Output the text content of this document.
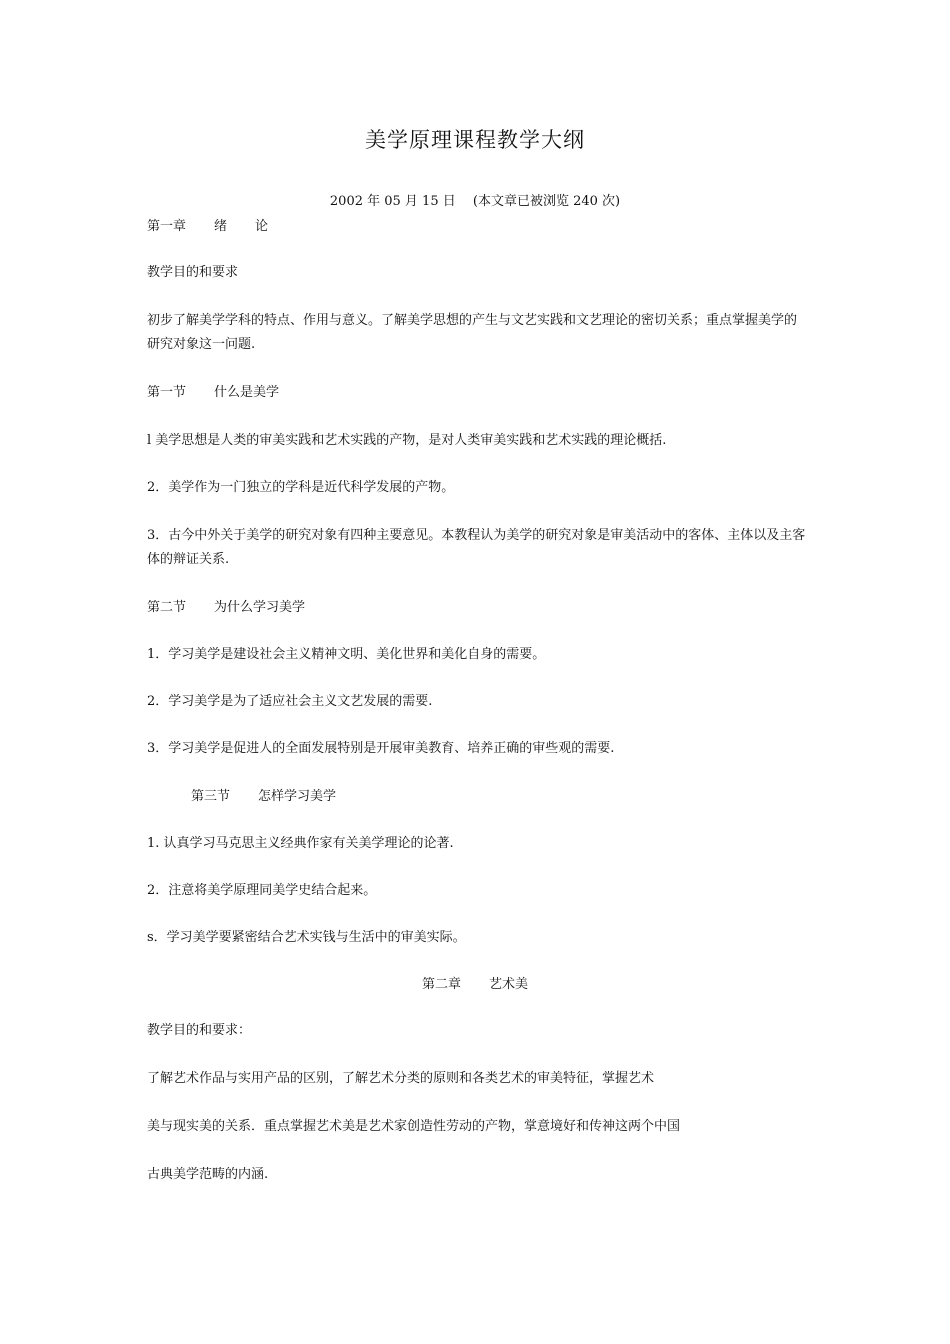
美学原理课程教学大纲
2002 年 05 月 15 日　 (本文章已被浏览 240 次)
第一章 绪 论
教学目的和要求
初步了解美学学科的特点、作用与意义。了解美学思想的产生与文艺实践和文艺理论的密切关系；重点掌握美学的研究对象这一问题.
第一节 什么是美学
l 美学思想是人类的审美实践和艺术实践的产物，是对人类审美实践和艺术实践的理论概括.
2．美学作为一门独立的学科是近代科学发展的产物。
3．古今中外关于美学的研究对象有四种主要意见。本教程认为美学的研究对象是审美活动中的客体、主体以及主客体的辩证关系.
第二节 为什么学习美学
1．学习美学是建设社会主义精神文明、美化世界和美化自身的需要。
2．学习美学是为了适应社会主义文艺发展的需要.
3．学习美学是促进人的全面发展特别是开展审美教育、培养正确的审些观的需要.
第三节 怎样学习美学
1. 认真学习马克思主义经典作家有关美学理论的论著.
2．注意将美学原理同美学史结合起来。
s．学习美学要紧密结合艺术实钱与生活中的审美实际。
第二章 艺术美
教学目的和要求：
了解艺术作品与实用产品的区别，了解艺术分类的原则和各类艺术的审美特征，掌握艺术
美与现实美的关系．重点掌握艺术美是艺术家创造性劳动的产物，掌意境好和传神这两个中国
古典美学范畴的内涵.
